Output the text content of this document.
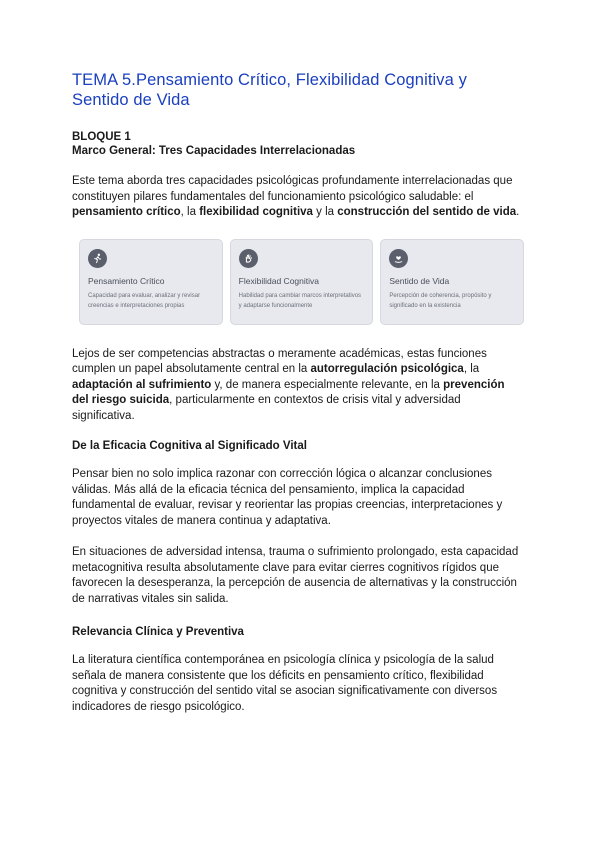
TEMA 5.Pensamiento Crítico, Flexibilidad Cognitiva y Sentido de Vida
BLOQUE 1
Marco General: Tres Capacidades Interrelacionadas

Este tema aborda tres capacidades psicológicas profundamente interrelacionadas que constituyen pilares fundamentales del funcionamiento psicológico saludable: el pensamiento crítico, la flexibilidad cognitiva y la construcción del sentido de vida.

Pensamiento Crítico
Capacidad para evaluar, analizar y revisar creencias e interpretaciones propias
Flexibilidad Cognitiva
Habilidad para cambiar marcos interpretativos y adaptarse funcionalmente
Sentido de Vida
Percepción de coherencia, propósito y significado en la existencia

Lejos de ser competencias abstractas o meramente académicas, estas funciones cumplen un papel absolutamente central en la autorregulación psicológica, la adaptación al sufrimiento y, de manera especialmente relevante, en la prevención del riesgo suicida, particularmente en contextos de crisis vital y adversidad significativa.

De la Eficacia Cognitiva al Significado Vital

Pensar bien no solo implica razonar con corrección lógica o alcanzar conclusiones válidas. Más allá de la eficacia técnica del pensamiento, implica la capacidad fundamental de evaluar, revisar y reorientar las propias creencias, interpretaciones y proyectos vitales de manera continua y adaptativa.

En situaciones de adversidad intensa, trauma o sufrimiento prolongado, esta capacidad metacognitiva resulta absolutamente clave para evitar cierres cognitivos rígidos que favorecen la desesperanza, la percepción de ausencia de alternativas y la construcción de narrativas vitales sin salida.

Relevancia Clínica y Preventiva

La literatura científica contemporánea en psicología clínica y psicología de la salud señala de manera consistente que los déficits en pensamiento crítico, flexibilidad cognitiva y construcción del sentido vital se asocian significativamente con diversos indicadores de riesgo psicológico.
